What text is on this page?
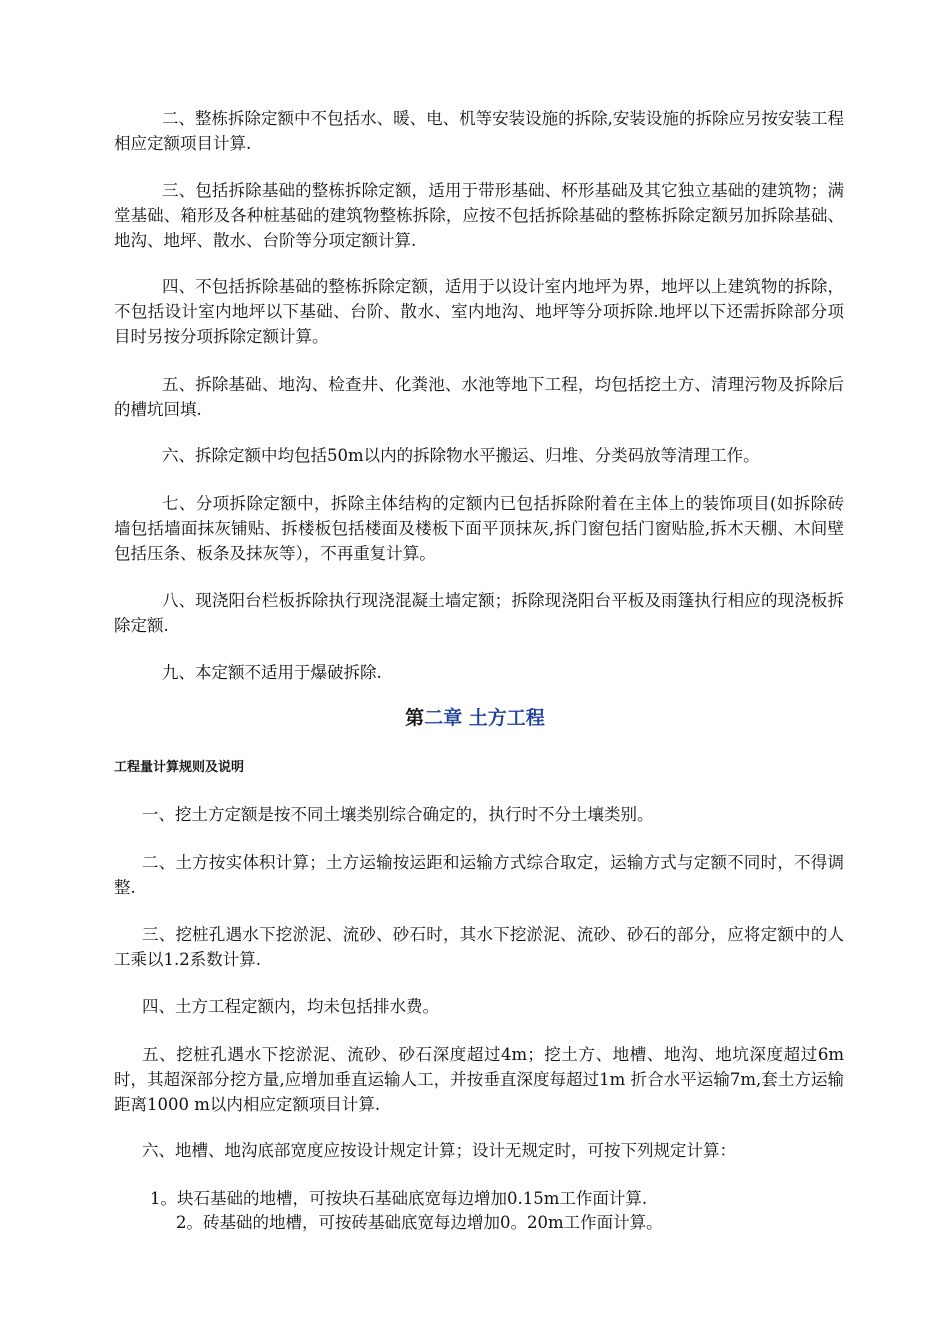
二、整栋拆除定额中不包括水、暖、电、机等安装设施的拆除,安装设施的拆除应另按安装工程相应定额项目计算.

三、包括拆除基础的整栋拆除定额，适用于带形基础、杯形基础及其它独立基础的建筑物；满堂基础、箱形及各种桩基础的建筑物整栋拆除，应按不包括拆除基础的整栋拆除定额另加拆除基础、地沟、地坪、散水、台阶等分项定额计算.

四、不包括拆除基础的整栋拆除定额，适用于以设计室内地坪为界，地坪以上建筑物的拆除，不包括设计室内地坪以下基础、台阶、散水、室内地沟、地坪等分项拆除.地坪以下还需拆除部分项目时另按分项拆除定额计算。

五、拆除基础、地沟、检查井、化粪池、水池等地下工程，均包括挖土方、清理污物及拆除后的槽坑回填.

六、拆除定额中均包括50m以内的拆除物水平搬运、归堆、分类码放等清理工作。

七、分项拆除定额中，拆除主体结构的定额内已包括拆除附着在主体上的装饰项目(如拆除砖墙包括墙面抹灰铺贴、拆楼板包括楼面及楼板下面平顶抹灰,拆门窗包括门窗贴脸,拆木天棚、木间壁包括压条、板条及抹灰等），不再重复计算。

八、现浇阳台栏板拆除执行现浇混凝土墙定额；拆除现浇阳台平板及雨篷执行相应的现浇板拆除定额.

九、本定额不适用于爆破拆除.

第二章 土方工程

工程量计算规则及说明

一、挖土方定额是按不同土壤类别综合确定的，执行时不分土壤类别。

二、土方按实体积计算；土方运输按运距和运输方式综合取定，运输方式与定额不同时，不得调整.

三、挖桩孔遇水下挖淤泥、流砂、砂石时，其水下挖淤泥、流砂、砂石的部分，应将定额中的人工乘以1.2系数计算.

四、土方工程定额内，均未包括排水费。

五、挖桩孔遇水下挖淤泥、流砂、砂石深度超过4m；挖土方、地槽、地沟、地坑深度超过6m时，其超深部分挖方量,应增加垂直运输人工，并按垂直深度每超过1m 折合水平运输7m,套土方运输距离1000 m以内相应定额项目计算.

六、地槽、地沟底部宽度应按设计规定计算；设计无规定时，可按下列规定计算：

1。块石基础的地槽，可按块石基础底宽每边增加0.15m工作面计算.

2。砖基础的地槽，可按砖基础底宽每边增加0。20m工作面计算。
